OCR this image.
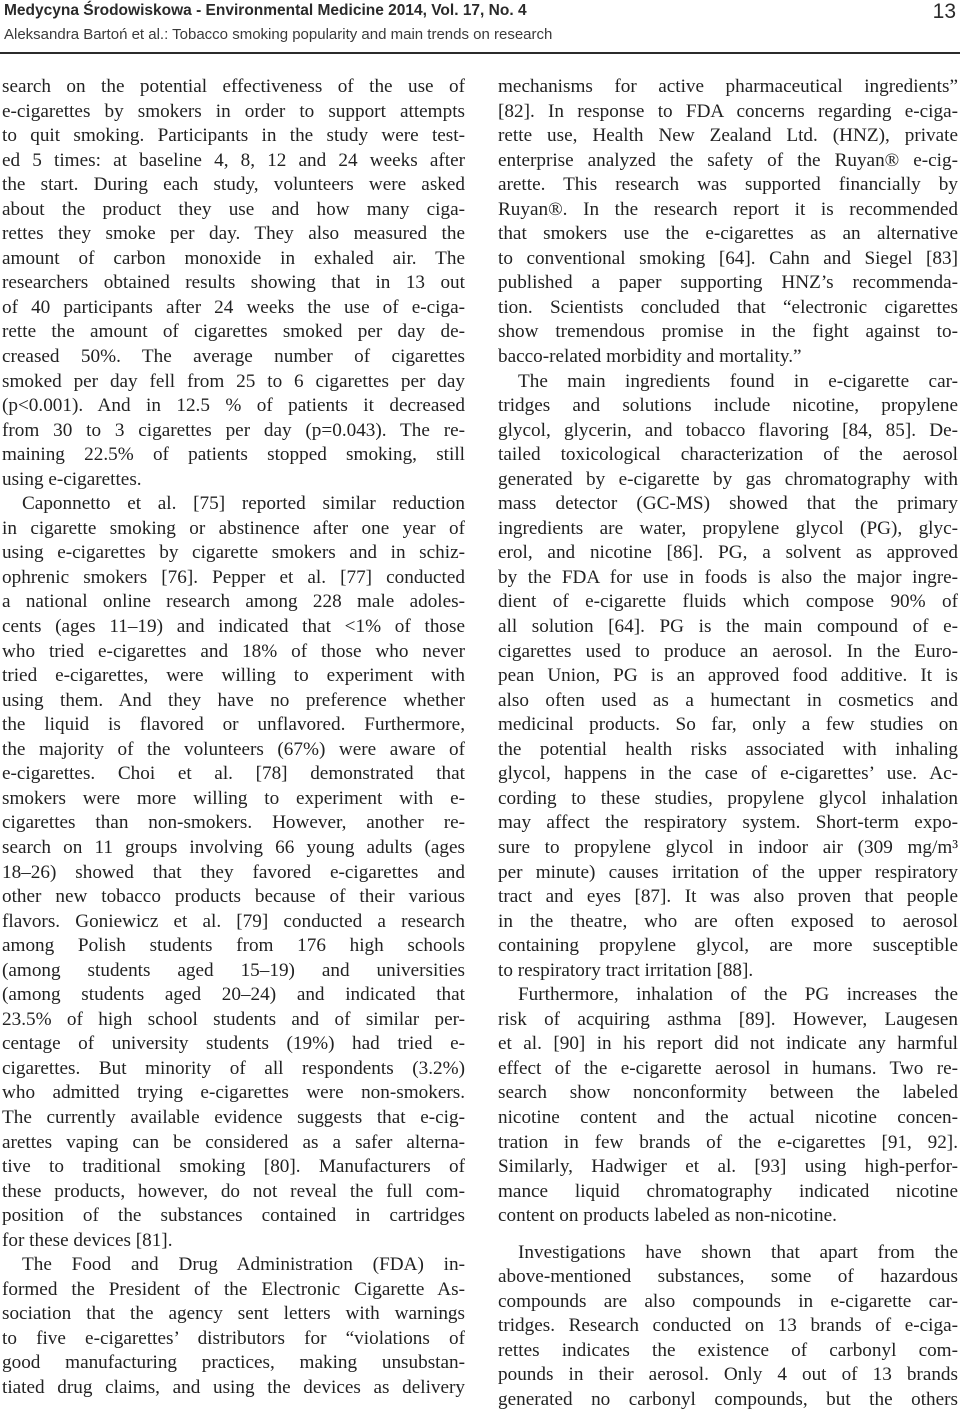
Medycyna Środowiskowa - Environmental Medicine 2014, Vol. 17, No. 4
Aleksandra Bartoń et al.: Tobacco smoking popularity and main trends on research
13
search on the potential effectiveness of the use of
e-cigarettes by smokers in order to support attempts
to quit smoking. Participants in the study were test-
ed 5 times: at baseline 4, 8, 12 and 24 weeks after
the start. During each study, volunteers were asked
about the product they use and how many ciga-
rettes they smoke per day. They also measured the
amount of carbon monoxide in exhaled air. The
researchers obtained results showing that in 13 out
of 40 participants after 24 weeks the use of e-ciga-
rette the amount of cigarettes smoked per day de-
creased 50%. The average number of cigarettes
smoked per day fell from 25 to 6 cigarettes per day
(p<0.001). And in 12.5 % of patients it decreased
from 30 to 3 cigarettes per day (p=0.043). The re-
maining 22.5% of patients stopped smoking, still
using e-cigarettes.
Caponnetto et al. [75] reported similar reduction
in cigarette smoking or abstinence after one year of
using e-cigarettes by cigarette smokers and in schiz-
ophrenic smokers [76]. Pepper et al. [77] conducted
a national online research among 228 male adoles-
cents (ages 11–19) and indicated that <1% of those
who tried e-cigarettes and 18% of those who never
tried e-cigarettes, were willing to experiment with
using them. And they have no preference whether
the liquid is flavored or unflavored. Furthermore,
the majority of the volunteers (67%) were aware of
e-cigarettes. Choi et al. [78] demonstrated that
smokers were more willing to experiment with e-
cigarettes than non-smokers. However, another re-
search on 11 groups involving 66 young adults (ages
18–26) showed that they favored e-cigarettes and
other new tobacco products because of their various
flavors. Goniewicz et al. [79] conducted a research
among Polish students from 176 high schools
(among students aged 15–19) and universities
(among students aged 20–24) and indicated that
23.5% of high school students and of similar per-
centage of university students (19%) had tried e-
cigarettes. But minority of all respondents (3.2%)
who admitted trying e-cigarettes were non-smokers.
The currently available evidence suggests that e-cig-
arettes vaping can be considered as a safer alterna-
tive to traditional smoking [80]. Manufacturers of
these products, however, do not reveal the full com-
position of the substances contained in cartridges
for these devices [81].
The Food and Drug Administration (FDA) in-
formed the President of the Electronic Cigarette As-
sociation that the agency sent letters with warnings
to five e-cigarettes’ distributors for “violations of
good manufacturing practices, making unsubstan-
tiated drug claims, and using the devices as delivery
mechanisms for active pharmaceutical ingredients”
[82]. In response to FDA concerns regarding e-ciga-
rette use, Health New Zealand Ltd. (HNZ), private
enterprise analyzed the safety of the Ruyan® e-cig-
arette. This research was supported financially by
Ruyan®. In the research report it is recommended
that smokers use the e-cigarettes as an alternative
to conventional smoking [64]. Cahn and Siegel [83]
published a paper supporting HNZ’s recommenda-
tion. Scientists concluded that “electronic cigarettes
show tremendous promise in the fight against to-
bacco-related morbidity and mortality.”
The main ingredients found in e-cigarette car-
tridges and solutions include nicotine, propylene
glycol, glycerin, and tobacco flavoring [84, 85]. De-
tailed toxicological characterization of the aerosol
generated by e-cigarette by gas chromatography with
mass detector (GC-MS) showed that the primary
ingredients are water, propylene glycol (PG), glyc-
erol, and nicotine [86]. PG, a solvent as approved
by the FDA for use in foods is also the major ingre-
dient of e-cigarette fluids which compose 90% of
all solution [64]. PG is the main compound of e-
cigarettes used to produce an aerosol. In the Euro-
pean Union, PG is an approved food additive. It is
also often used as a humectant in cosmetics and
medicinal products. So far, only a few studies on
the potential health risks associated with inhaling
glycol, happens in the case of e-cigarettes’ use. Ac-
cording to these studies, propylene glycol inhalation
may affect the respiratory system. Short-term expo-
sure to propylene glycol in indoor air (309 mg/m³
per minute) causes irritation of the upper respiratory
tract and eyes [87]. It was also proven that people
in the theatre, who are often exposed to aerosol
containing propylene glycol, are more susceptible
to respiratory tract irritation [88].
Furthermore, inhalation of the PG increases the
risk of acquiring asthma [89]. However, Laugesen
et al. [90] in his report did not indicate any harmful
effect of the e-cigarette aerosol in humans. Two re-
search show nonconformity between the labeled
nicotine content and the actual nicotine concen-
tration in few brands of the e-cigarettes [91, 92].
Similarly, Hadwiger et al. [93] using high-perfor-
mance liquid chromatography indicated nicotine
content on products labeled as non-nicotine.
Investigations have shown that apart from the
above-mentioned substances, some of hazardous
compounds are also compounds in e-cigarette car-
tridges. Research conducted on 13 brands of e-ciga-
rettes indicates the existence of carbonyl com-
pounds in their aerosol. Only 4 out of 13 brands
generated no carbonyl compounds, but the others
